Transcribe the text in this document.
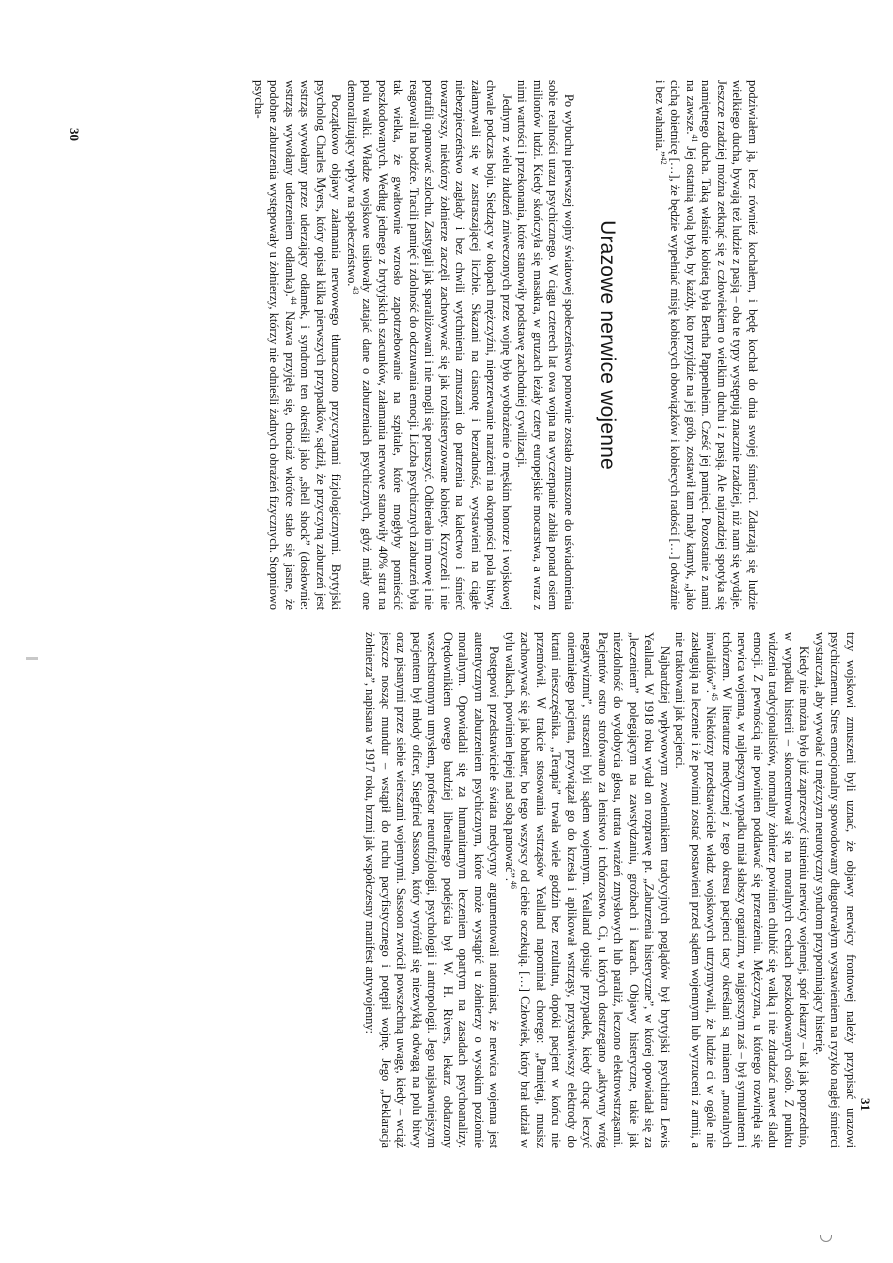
podziwiałem ją, lecz również kochałem, i będę kochał do dnia swojej śmierci. Zdarzają się ludzie wielkiego ducha, bywają też ludzie z pasją – oba te typy występują znacznie rzadziej, niż nam się wydaje. Jeszcze rzadziej można zetknąć się z człowiekiem o wielkim duchu i z pasją. Ale najrzadziej spotyka się namiętnego ducha. Taką właśnie kobietą była Bertha Pappenheim. Cześć jej pamięci. Pozostanie z nami na zawsze.$^{41}$ Jej ostatnią wolą było, by każdy, kto przyjdzie na jej grób, zostawił tam mały kamyk, „jako cichą obietnicę […], że będzie wypełniać misję kobiecych obowiązków i kobiecych radości […] odważnie i bez wahania.”$^{42}$

Urazowe nerwice wojenne

Po wybuchu pierwszej wojny światowej społeczeństwo ponownie zostało zmuszone do uświadomienia sobie realności urazu psychicznego. W ciągu czterech lat owa wojna na wyczerpanie zabiła ponad osiem milionów ludzi. Kiedy skończyła się masakra, w gruzach leżały cztery europejskie mocarstwa, a wraz z nimi wartości i przekonania, które stanowiły podstawę zachodniej cywilizacji.

Jednym z wielu złudzeń zniweczonych przez wojnę było wyobrażenie o męskim honorze i wojskowej chwale podczas boju. Siedzący w okopach mężczyźni, nieprzerwanie narażeni na okropności pola bitwy, załamywali się w zastraszającej liczbie. Skazani na ciasnotę i bezradność, wystawieni na ciągłe niebezpieczeństwo zagłady i bez chwili wytchnienia zmuszani do patrzenia na kalectwo i śmierć towarzyszy, niektórzy żołnierze zaczęli zachowywać się jak rozhisteryzowane kobiety. Krzyczeli i nie potrafili opanować szlochu. Zastygali jak sparaliżowani i nie mogli się poruszyć. Odbierało im mowę i nie reagowali na bodźce. Tracili pamięć i zdolność do odczuwania emocji. Liczba psychicznych zaburzeń była tak wielka, że gwałtownie wzrosło zapotrzebowanie na szpitale, które mogłyby pomieścić poszkodowanych. Według jednego z brytyjskich szacunków, załamania nerwowe stanowiły 40% strat na polu walki. Władze wojskowe usiłowały zatajać dane o zaburzeniach psychicznych, gdyż miały one demoralizujący wpływ na społeczeństwo.$^{43}$

Początkowo objawy załamania nerwowego tłumaczono przyczynami fizjologicznymi. Brytyjski psycholog Charles Myers, który opisał kilka pierwszych przypadków, sądził, że przyczyną zaburzeń jest wstrząs wywołany przez uderzający odłamek, i syndrom ten określił jako „shell shock” (dosłownie: wstrząs wywołany uderzeniem odłamka).$^{44}$ Nazwa przyjęła się, chociaż wkrótce stało się jasne, że podobne zaburzenia występowały u żołnierzy, którzy nie odnieśli żadnych obrażeń fizycznych. Stopniowo psycha-

trzy wojskowi zmuszeni byli uznać, że objawy nerwicy frontowej należy przypisać urazowi psychicznemu. Stres emocjonalny spowodowany długotrwałym wystawieniem na ryzyko nagłej śmierci wystarczał, aby wywołać u mężczyzn neurotyczny syndrom przypominający histerię.

Kiedy nie można było już zaprzeczyć istnieniu nerwicy wojennej, spór lekarzy – tak jak poprzednio, w wypadku histerii – skoncentrował się na moralnych cechach poszkodowanych osób. Z punktu widzenia tradycjonalistów, normalny żołnierz powinien chlubić się walką i nie zdradzać nawet śladu emocji. Z pewnością nie powinien poddawać się przerażeniu. Mężczyzna, u którego rozwinęła się nerwica wojenna, w najlepszym wypadku miał słabszy organizm, w najgorszym zaś – był symulantem i tchórzem. W literaturze medycznej z tego okresu pacjenci tacy określani są mianem „moralnych inwalidów”.$^{45}$ Niektórzy przedstawiciele władz wojskowych utrzymywali, że ludzie ci w ogóle nie zasługują na leczenie i że powinni zostać postawieni przed sądem wojennym lub wyrzuceni z armii, a nie traktowani jak pacjenci.

Najbardziej wpływowym zwolennikiem tradycyjnych poglądów był brytyjski psychiatra Lewis Yealland. W 1918 roku wydał on rozprawę pt. „Zaburzenia histeryczne”, w której opowiadał się za „leczeniem” polegającym na zawstydzaniu, groźbach i karach. Objawy histeryczne, takie jak niezdolność do wydobycia głosu, utrata wrażeń zmysłowych lub paraliż, leczono elektrowstrząsami. Pacjentów ostro strofowano za lenistwo i tchórzostwo. Ci, u których dostrzegano „aktywny wróg negatywizmu”, straszeni byli sądem wojennym. Yealland opisuje przypadek, kiedy chcąc leczyć oniemiałego pacjenta, przywiązał go do krzesła i aplikował wstrząsy, przystawiwszy elektrody do krtani nieszczęśnika. „Terapia” trwała wiele godzin bez rezultatu, dopóki pacjent w końcu nie przemówił. W trakcie stosowania wstrząsów Yealland napominał chorego: „Pamiętaj, musisz zachowywać się jak bohater, bo tego wszyscy od ciebie oczekują. […] Człowiek, który brał udział w tylu walkach, powinien lepiej nad sobą panować”.$^{46}$

Postępowi przedstawiciele świata medycyny argumentowali natomiast, że nerwica wojenna jest autentycznym zaburzeniem psychicznym, które może wystąpić u żołnierzy o wysokim poziomie moralnym. Opowiadali się za humanitarnym leczeniem opartym na zasadach psychoanalizy. Orędownikiem owego bardziej liberalnego podejścia był W. H. Rivers, lekarz obdarzony wszechstronnym umysłem, profesor neurofizjologii, psychologii i antropologii. Jego najsławniejszym pacjentem był młody oficer, Siegfried Sassoon, który wyróżnił się niezwykłą odwagą na polu bitwy oraz pisanymi przez siebie wierszami wojennymi. Sassoon zwrócił powszechną uwagę, kiedy – wciąż jeszcze nosząc mundur – wstąpił do ruchu pacyfistycznego i potępił wojnę. Jego „Deklaracja żołnierza”, napisana w 1917 roku, brzmi jak współczesny manifest antywojenny:

30
31
